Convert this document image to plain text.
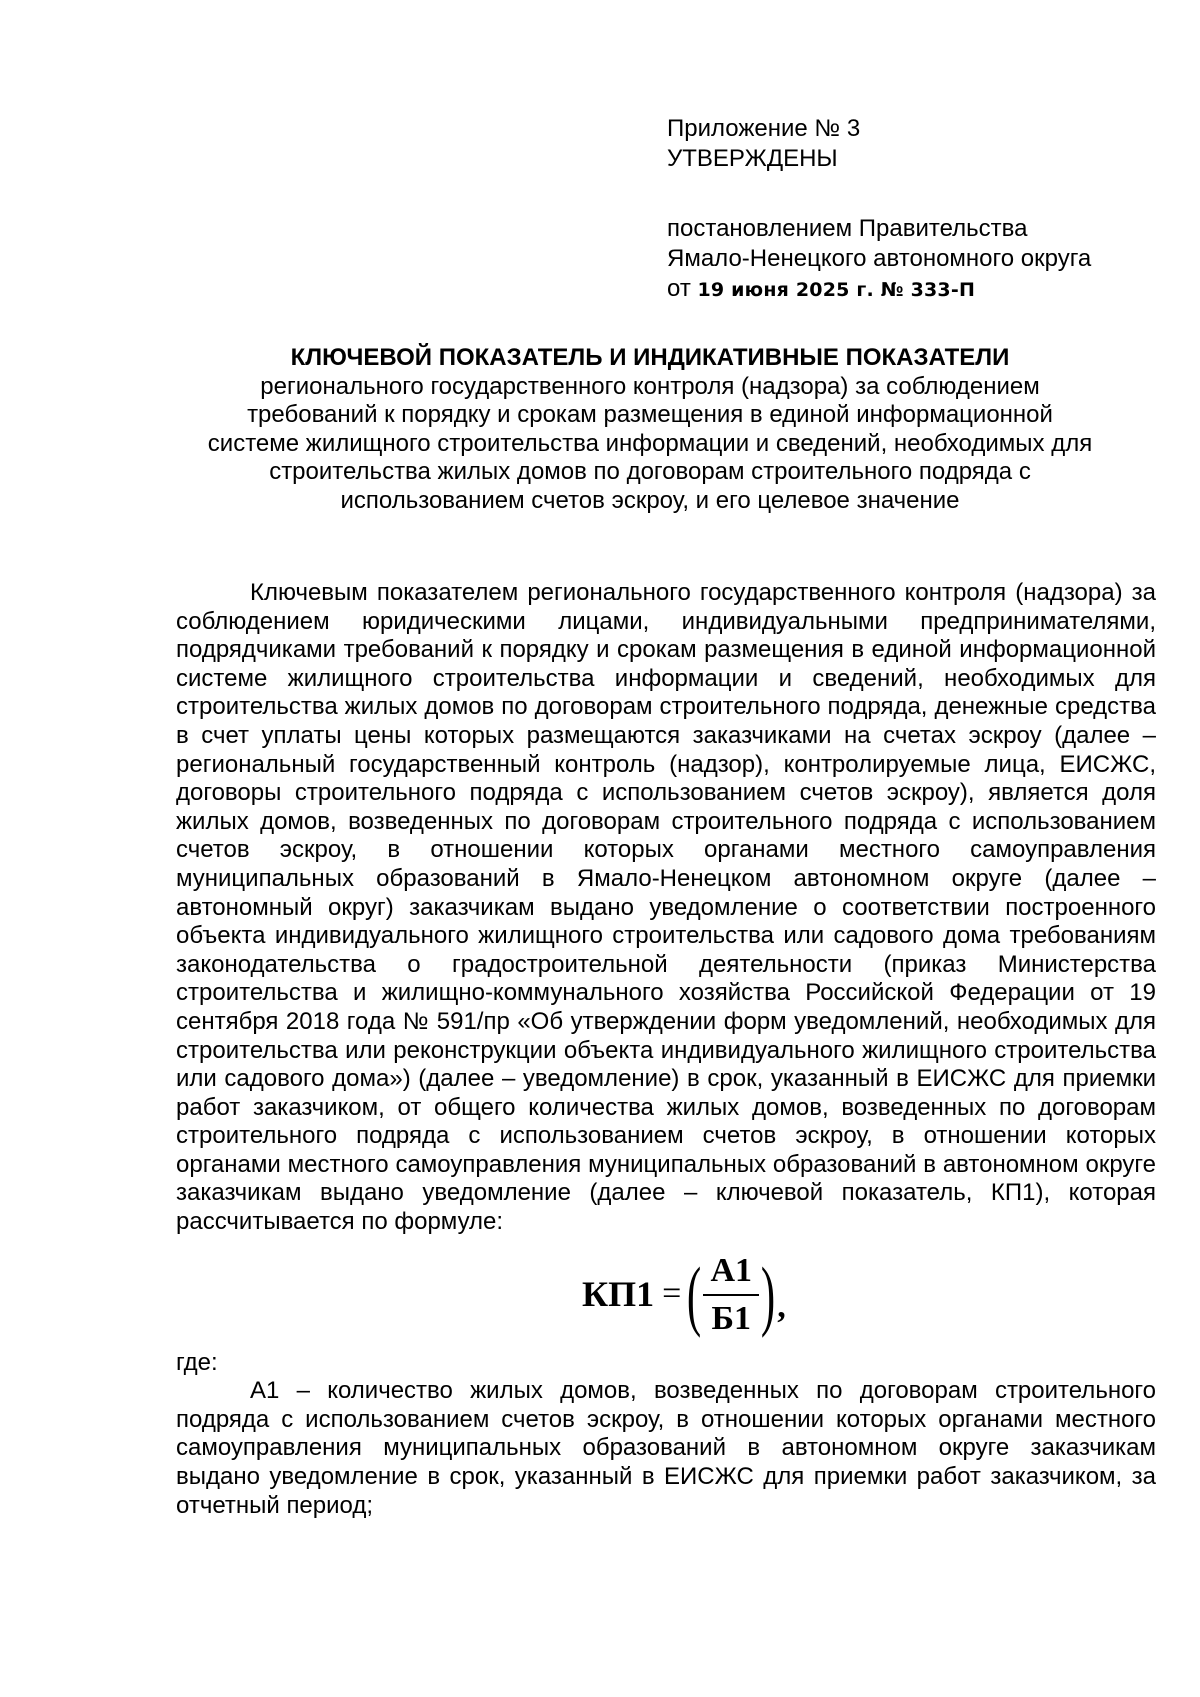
Приложение № 3
УТВЕРЖДЕНЫ
постановлением Правительства
Ямало-Ненецкого автономного округа
от 19 июня 2025 г. № 333-П
КЛЮЧЕВОЙ ПОКАЗАТЕЛЬ И ИНДИКАТИВНЫЕ ПОКАЗАТЕЛИ
регионального государственного контроля (надзора) за соблюдением
требований к порядку и срокам размещения в единой информационной
системе жилищного строительства информации и сведений, необходимых для
строительства жилых домов по договорам строительного подряда с
использованием счетов эскроу, и его целевое значение

Ключевым показателем регионального государственного контроля (надзора) за соблюдением юридическими лицами, индивидуальными предпринимателями, подрядчиками требований к порядку и срокам размещения в единой информационной системе жилищного строительства информации и сведений, необходимых для строительства жилых домов по договорам строительного подряда, денежные средства в счет уплаты цены которых размещаются заказчиками на счетах эскроу (далее – региональный государственный контроль (надзор), контролируемые лица, ЕИСЖС, договоры строительного подряда с использованием счетов эскроу), является доля жилых домов, возведенных по договорам строительного подряда с использованием счетов эскроу, в отношении которых органами местного самоуправления муниципальных образований в Ямало-Ненецком автономном округе (далее – автономный округ) заказчикам выдано уведомление о соответствии построенного объекта индивидуального жилищного строительства или садового дома требованиям законодательства о градостроительной деятельности (приказ Министерства строительства и жилищно-коммунального хозяйства Российской Федерации от 19 сентября 2018 года № 591/пр «Об утверждении форм уведомлений, необходимых для строительства или реконструкции объекта индивидуального жилищного строительства или садового дома») (далее – уведомление) в срок, указанный в ЕИСЖС для приемки работ заказчиком, от общего количества жилых домов, возведенных по договорам строительного подряда с использованием счетов эскроу, в отношении которых органами местного самоуправления муниципальных образований в автономном округе заказчикам выдано уведомление (далее – ключевой показатель, КП1), которая рассчитывается по формуле:

КП1 = ( $\frac{А1}{Б1}$ ) ,

где:

А1 – количество жилых домов, возведенных по договорам строительного подряда с использованием счетов эскроу, в отношении которых органами местного самоуправления муниципальных образований в автономном округе заказчикам выдано уведомление в срок, указанный в ЕИСЖС для приемки работ заказчиком, за отчетный период;
